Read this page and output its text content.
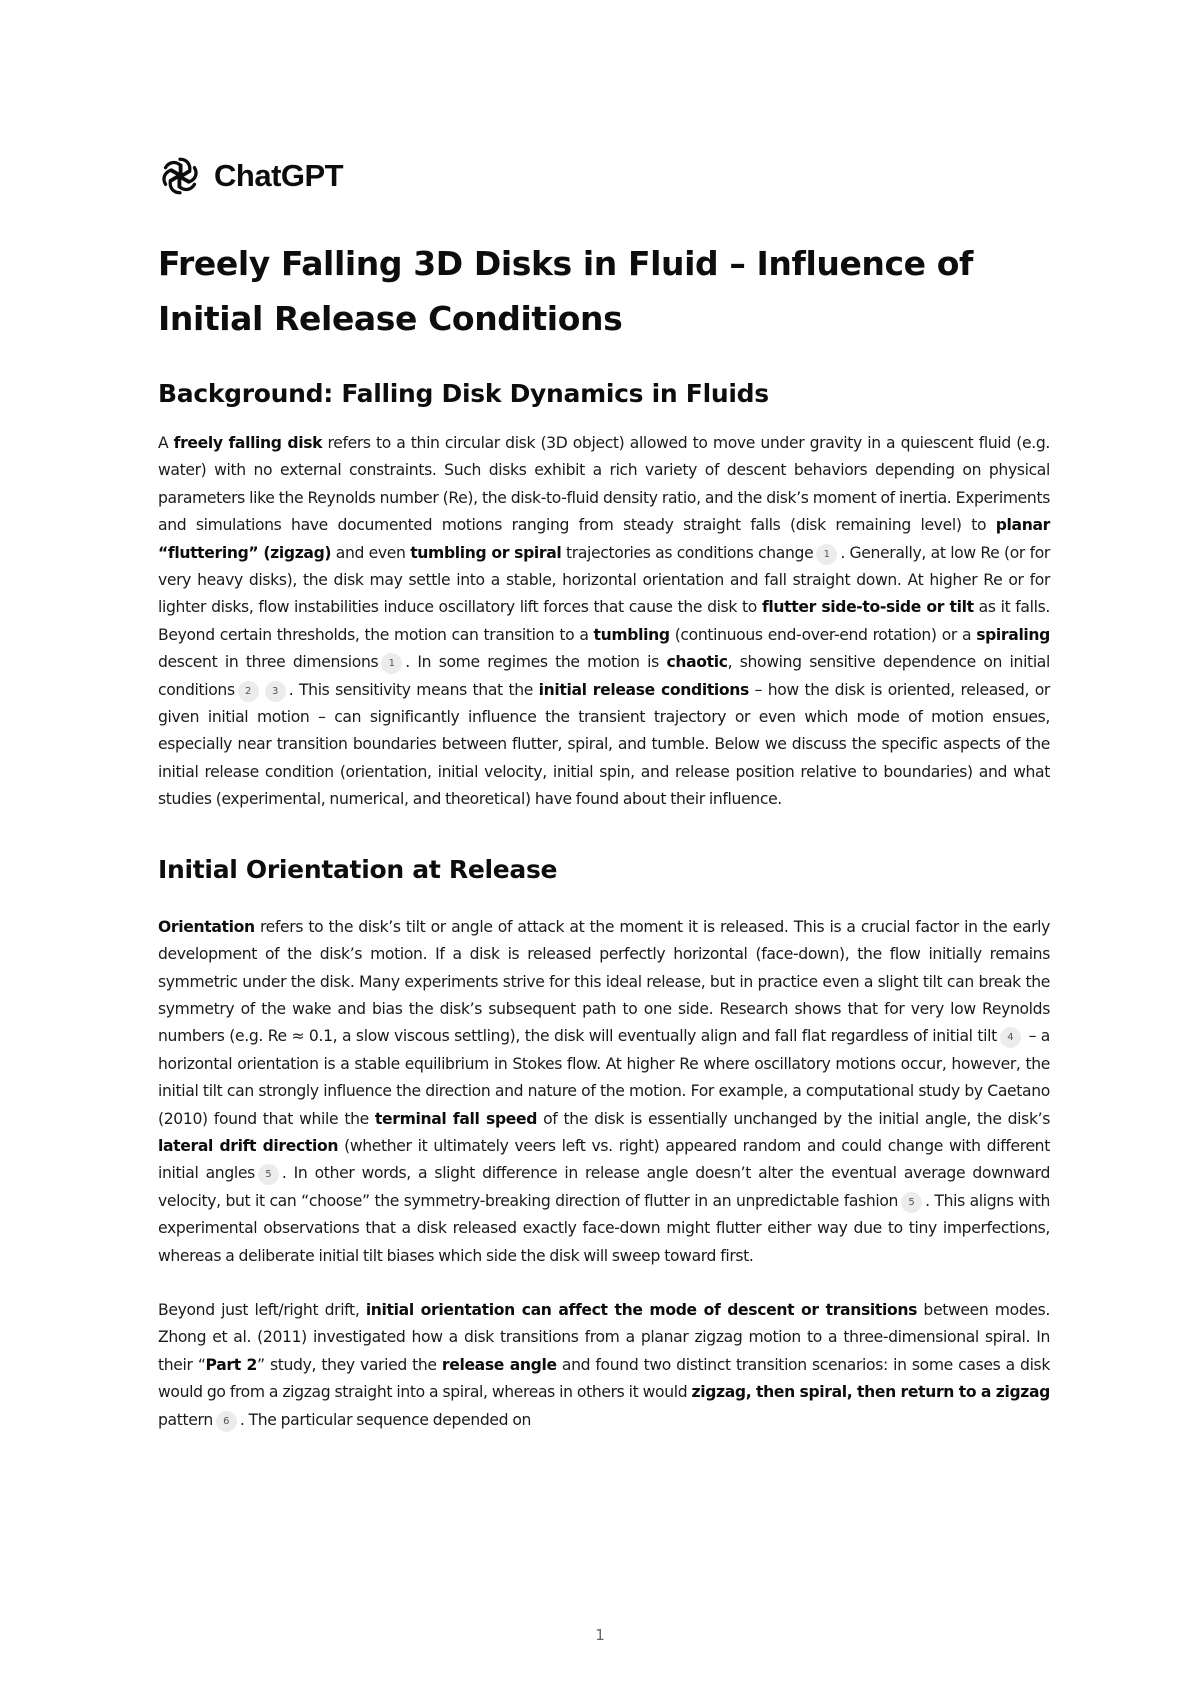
ChatGPT
Freely Falling 3D Disks in Fluid – Influence of Initial Release Conditions
Background: Falling Disk Dynamics in Fluids

A freely falling disk refers to a thin circular disk (3D object) allowed to move under gravity in a quiescent fluid (e.g. water) with no external constraints. Such disks exhibit a rich variety of descent behaviors depending on physical parameters like the Reynolds number (Re), the disk-to-fluid density ratio, and the disk’s moment of inertia. Experiments and simulations have documented motions ranging from steady straight falls (disk remaining level) to planar “fluttering” (zigzag) and even tumbling or spiral trajectories as conditions change 1 . Generally, at low Re (or for very heavy disks), the disk may settle into a stable, horizontal orientation and fall straight down. At higher Re or for lighter disks, flow instabilities induce oscillatory lift forces that cause the disk to flutter side-to-side or tilt as it falls. Beyond certain thresholds, the motion can transition to a tumbling (continuous end-over-end rotation) or a spiraling descent in three dimensions 1 . In some regimes the motion is chaotic, showing sensitive dependence on initial conditions 2 3 . This sensitivity means that the initial release conditions – how the disk is oriented, released, or given initial motion – can significantly influence the transient trajectory or even which mode of motion ensues, especially near transition boundaries between flutter, spiral, and tumble. Below we discuss the specific aspects of the initial release condition (orientation, initial velocity, initial spin, and release position relative to boundaries) and what studies (experimental, numerical, and theoretical) have found about their influence.

Initial Orientation at Release

Orientation refers to the disk’s tilt or angle of attack at the moment it is released. This is a crucial factor in the early development of the disk’s motion. If a disk is released perfectly horizontal (face-down), the flow initially remains symmetric under the disk. Many experiments strive for this ideal release, but in practice even a slight tilt can break the symmetry of the wake and bias the disk’s subsequent path to one side. Research shows that for very low Reynolds numbers (e.g. Re ≈ 0.1, a slow viscous settling), the disk will eventually align and fall flat regardless of initial tilt 4 – a horizontal orientation is a stable equilibrium in Stokes flow. At higher Re where oscillatory motions occur, however, the initial tilt can strongly influence the direction and nature of the motion. For example, a computational study by Caetano (2010) found that while the terminal fall speed of the disk is essentially unchanged by the initial angle, the disk’s lateral drift direction (whether it ultimately veers left vs. right) appeared random and could change with different initial angles 5 . In other words, a slight difference in release angle doesn’t alter the eventual average downward velocity, but it can “choose” the symmetry-breaking direction of flutter in an unpredictable fashion 5 . This aligns with experimental observations that a disk released exactly face-down might flutter either way due to tiny imperfections, whereas a deliberate initial tilt biases which side the disk will sweep toward first.

Beyond just left/right drift, initial orientation can affect the mode of descent or transitions between modes. Zhong et al. (2011) investigated how a disk transitions from a planar zigzag motion to a three-dimensional spiral. In their “Part 2” study, they varied the release angle and found two distinct transition scenarios: in some cases a disk would go from a zigzag straight into a spiral, whereas in others it would zigzag, then spiral, then return to a zigzag pattern 6 . The particular sequence depended on

1
